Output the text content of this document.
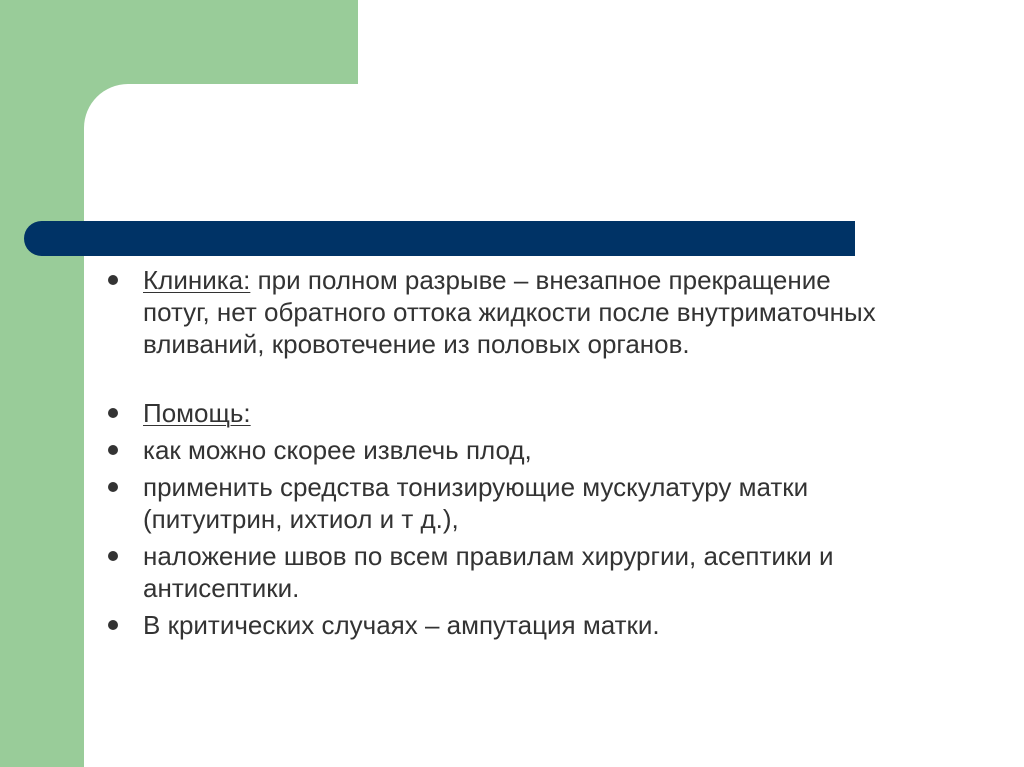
Клиника: при полном разрыве – внезапное прекращение потуг, нет обратного оттока жидкости после внутриматочных вливаний, кровотечение из половых органов.
Помощь:
как можно скорее извлечь плод,
применить средства тонизирующие мускулатуру матки (питуитрин, ихтиол и т д.),
наложение швов по всем правилам хирургии, асептики и антисептики.
В критических случаях – ампутация матки.
